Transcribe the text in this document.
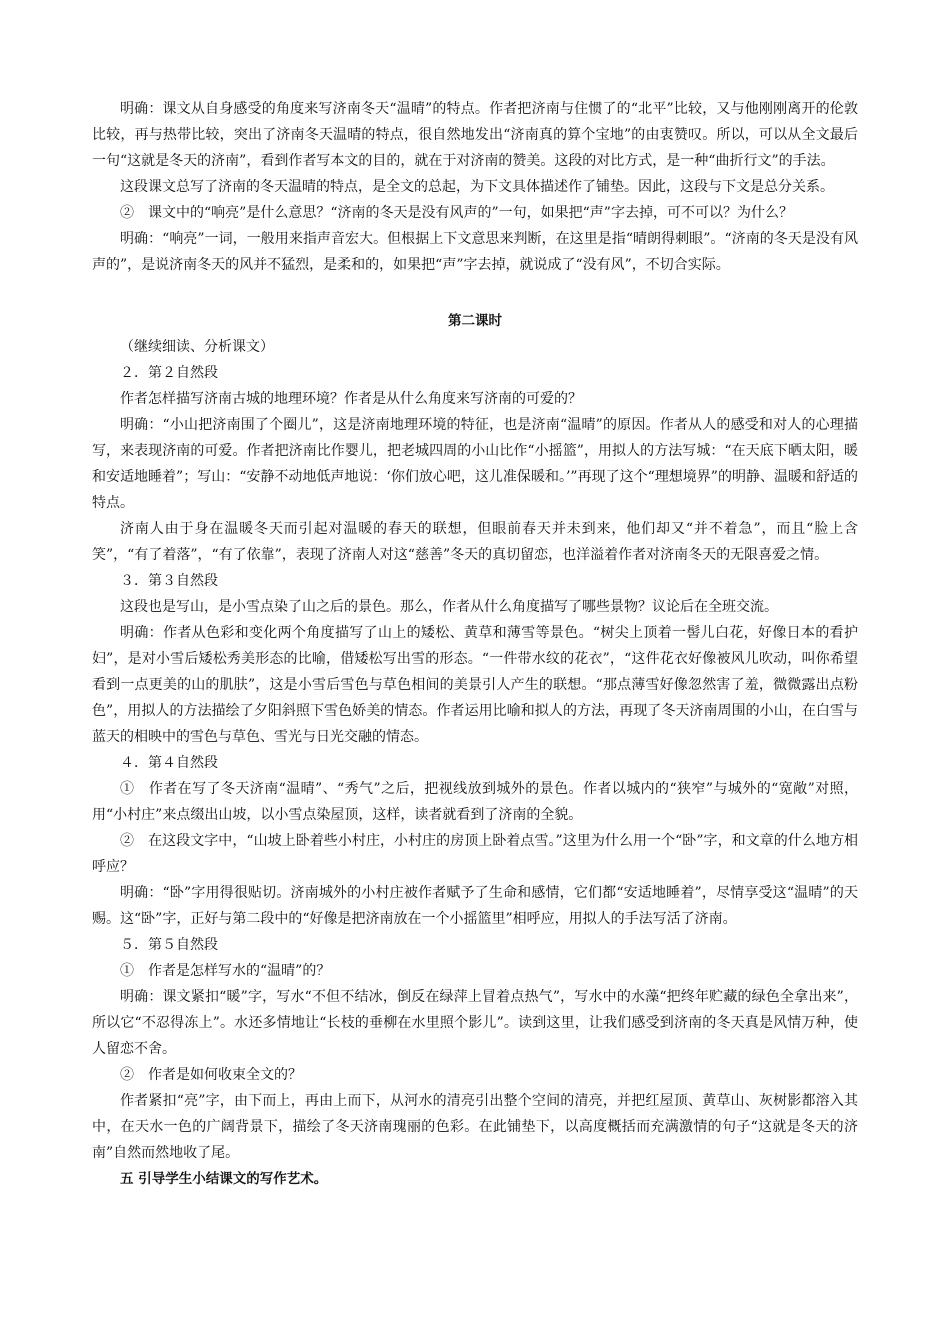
明确：课文从自身感受的角度来写济南冬天“温晴”的特点。作者把济南与住惯了的“北平”比较，又与他刚刚离开的伦敦比较，再与热带比较，突出了济南冬天温晴的特点，很自然地发出“济南真的算个宝地”的由衷赞叹。所以，可以从全文最后一句“这就是冬天的济南”，看到作者写本文的目的，就在于对济南的赞美。这段的对比方式，是一种“曲折行文”的手法。

这段课文总写了济南的冬天温晴的特点，是全文的总起，为下文具体描述作了铺垫。因此，这段与下文是总分关系。

②　课文中的“响亮”是什么意思？“济南的冬天是没有风声的”一句，如果把“声”字去掉，可不可以？为什么？

明确：“响亮”一词，一般用来指声音宏大。但根据上下文意思来判断，在这里是指“晴朗得刺眼”。“济南的冬天是没有风声的”，是说济南冬天的风并不猛烈，是柔和的，如果把“声”字去掉，就说成了“没有风”，不切合实际。

第二课时

（继续细读、分析课文）

２．第２自然段

作者怎样描写济南古城的地理环境？作者是从什么角度来写济南的可爱的？

明确：“小山把济南围了个圈儿”，这是济南地理环境的特征，也是济南“温晴”的原因。作者从人的感受和对人的心理描写，来表现济南的可爱。作者把济南比作婴儿，把老城四周的小山比作“小摇篮”，用拟人的方法写城：“在天底下晒太阳，暖和安适地睡着”；写山：“安静不动地低声地说：‘你们放心吧，这儿准保暖和。’”再现了这个“理想境界”的明静、温暖和舒适的特点。

济南人由于身在温暖冬天而引起对温暖的春天的联想，但眼前春天并未到来，他们却又“并不着急”，而且“脸上含笑”，“有了着落”，“有了依靠”，表现了济南人对这“慈善”冬天的真切留恋，也洋溢着作者对济南冬天的无限喜爱之情。

３．第３自然段

这段也是写山，是小雪点染了山之后的景色。那么，作者从什么角度描写了哪些景物？议论后在全班交流。

明确：作者从色彩和变化两个角度描写了山上的矮松、黄草和薄雪等景色。“树尖上顶着一髻儿白花，好像日本的看护妇”，是对小雪后矮松秀美形态的比喻，借矮松写出雪的形态。“一件带水纹的花衣”，“这件花衣好像被风儿吹动，叫你希望看到一点更美的山的肌肤”，这是小雪后雪色与草色相间的美景引人产生的联想。“那点薄雪好像忽然害了羞，微微露出点粉色”，用拟人的方法描绘了夕阳斜照下雪色娇美的情态。作者运用比喻和拟人的方法，再现了冬天济南周围的小山，在白雪与蓝天的相映中的雪色与草色、雪光与日光交融的情态。

４．第４自然段

①　作者在写了冬天济南“温晴”、“秀气”之后，把视线放到城外的景色。作者以城内的“狭窄”与城外的“宽敞”对照，用“小村庄”来点缀出山坡，以小雪点染屋顶，这样，读者就看到了济南的全貌。

②　在这段文字中，“山坡上卧着些小村庄，小村庄的房顶上卧着点雪。”这里为什么用一个“卧”字，和文章的什么地方相呼应？

明确：“卧”字用得很贴切。济南城外的小村庄被作者赋予了生命和感情，它们都“安适地睡着”，尽情享受这“温晴”的天赐。这“卧”字，正好与第二段中的“好像是把济南放在一个小摇篮里”相呼应，用拟人的手法写活了济南。

５．第５自然段

①　作者是怎样写水的“温晴”的？

明确：课文紧扣“暖”字，写水“不但不结冰，倒反在绿萍上冒着点热气”，写水中的水藻“把终年贮藏的绿色全拿出来”，所以它“不忍得冻上”。水还多情地让“长枝的垂柳在水里照个影儿”。读到这里，让我们感受到济南的冬天真是风情万种，使人留恋不舍。

②　作者是如何收束全文的？

作者紧扣“亮”字，由下而上，再由上而下，从河水的清亮引出整个空间的清亮，并把红屋顶、黄草山、灰树影都溶入其中，在天水一色的广阔背景下，描绘了冬天济南瑰丽的色彩。在此铺垫下，以高度概括而充满激情的句子“这就是冬天的济南”自然而然地收了尾。

五 引导学生小结课文的写作艺术。
